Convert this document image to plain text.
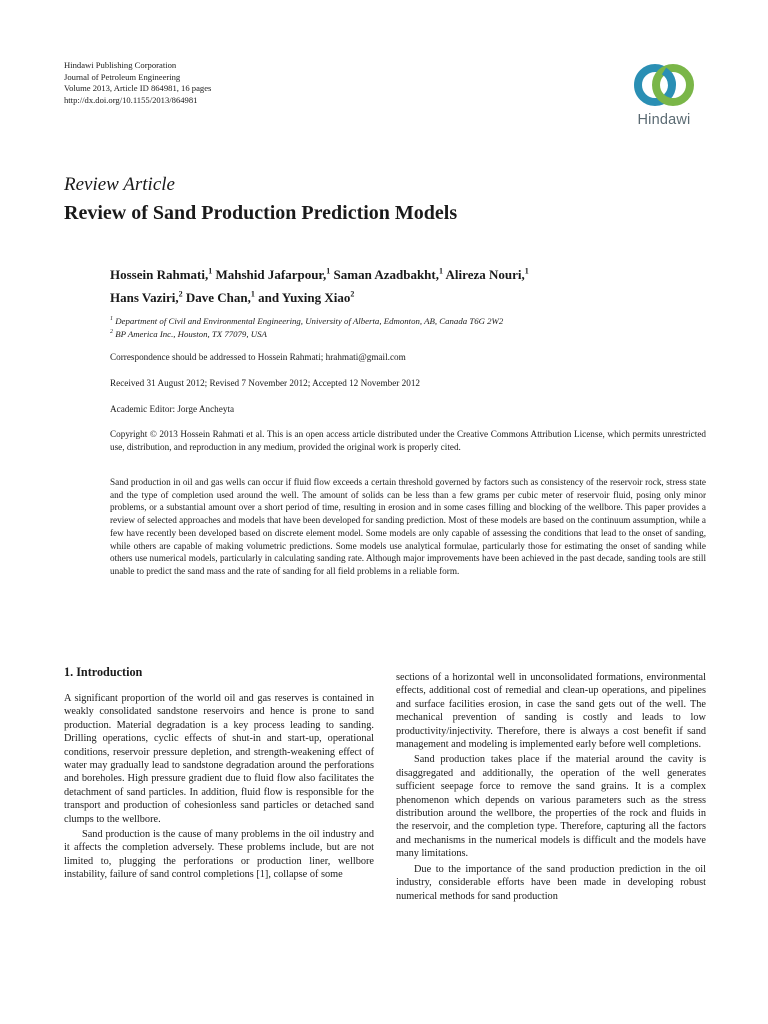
Hindawi Publishing Corporation
Journal of Petroleum Engineering
Volume 2013, Article ID 864981, 16 pages
http://dx.doi.org/10.1155/2013/864981
Hindawi
Review Article
Review of Sand Production Prediction Models
Hossein Rahmati,$^1$ Mahshid Jafarpour,$^1$ Saman Azadbakht,$^1$ Alireza Nouri,$^1$
Hans Vaziri,$^2$ Dave Chan,$^1$ and Yuxing Xiao$^2$
$^1$ Department of Civil and Environmental Engineering, University of Alberta, Edmonton, AB, Canada T6G 2W2
$^2$ BP America Inc., Houston, TX 77079, USA
Correspondence should be addressed to Hossein Rahmati; hrahmati@gmail.com
Received 31 August 2012; Revised 7 November 2012; Accepted 12 November 2012
Academic Editor: Jorge Ancheyta
Copyright © 2013 Hossein Rahmati et al. This is an open access article distributed under the Creative Commons Attribution License, which permits unrestricted use, distribution, and reproduction in any medium, provided the original work is properly cited.

Sand production in oil and gas wells can occur if fluid flow exceeds a certain threshold governed by factors such as consistency of the reservoir rock, stress state and the type of completion used around the well. The amount of solids can be less than a few grams per cubic meter of reservoir fluid, posing only minor problems, or a substantial amount over a short period of time, resulting in erosion and in some cases filling and blocking of the wellbore. This paper provides a review of selected approaches and models that have been developed for sanding prediction. Most of these models are based on the continuum assumption, while a few have recently been developed based on discrete element model. Some models are only capable of assessing the conditions that lead to the onset of sanding, while others are capable of making volumetric predictions. Some models use analytical formulae, particularly those for estimating the onset of sanding while others use numerical models, particularly in calculating sanding rate. Although major improvements have been achieved in the past decade, sanding tools are still unable to predict the sand mass and the rate of sanding for all field problems in a reliable form.

1. Introduction

A significant proportion of the world oil and gas reserves is contained in weakly consolidated sandstone reservoirs and hence is prone to sand production. Material degradation is a key process leading to sanding. Drilling operations, cyclic effects of shut-in and start-up, operational conditions, reservoir pressure depletion, and strength-weakening effect of water may gradually lead to sandstone degradation around the perforations and boreholes. High pressure gradient due to fluid flow also facilitates the detachment of sand particles. In addition, fluid flow is responsible for the transport and production of cohesionless sand particles or detached sand clumps to the wellbore.

Sand production is the cause of many problems in the oil industry and it affects the completion adversely. These problems include, but are not limited to, plugging the perforations or production liner, wellbore instability, failure of sand control completions [1], collapse of some

sections of a horizontal well in unconsolidated formations, environmental effects, additional cost of remedial and clean-up operations, and pipelines and surface facilities erosion, in case the sand gets out of the well. The mechanical prevention of sanding is costly and leads to low productivity/injectivity. Therefore, there is always a cost benefit if sand management and modeling is implemented early before well completions.

Sand production takes place if the material around the cavity is disaggregated and additionally, the operation of the well generates sufficient seepage force to remove the sand grains. It is a complex phenomenon which depends on various parameters such as the stress distribution around the wellbore, the properties of the rock and fluids in the reservoir, and the completion type. Therefore, capturing all the factors and mechanisms in the numerical models is difficult and the models have many limitations.

Due to the importance of the sand production prediction in the oil industry, considerable efforts have been made in developing robust numerical methods for sand production
